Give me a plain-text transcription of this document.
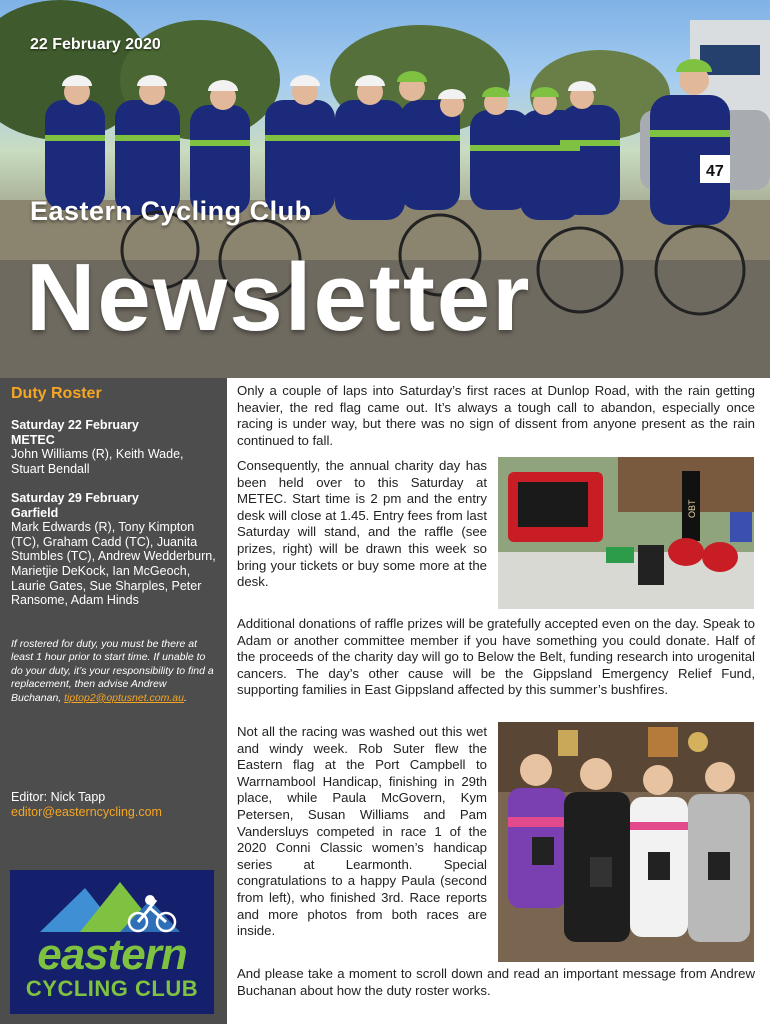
47
22 February 2020
Eastern Cycling Club
Newsletter
Duty Roster
Saturday 22 February
METEC
John Williams (R), Keith Wade, Stuart Bendall
Saturday 29 February
Garfield
Mark Edwards (R), Tony Kimpton (TC), Graham Cadd (TC), Juanita Stumbles (TC), Andrew Wedderburn, Marietjie DeKock, Ian McGeoch, Laurie Gates, Sue Sharples, Peter Ransome, Adam Hinds
If rostered for duty, you must be there at least 1 hour prior to start time. If unable to do your duty, it’s your responsibility to find a replacement, then advise Andrew Buchanan, tiptop2@optusnet.com.au.
Editor: Nick Tapp
editor@easterncycling.com
eastern
CYCLING CLUB
Only a couple of laps into Saturday’s first races at Dunlop Road, with the rain getting heavier, the red flag came out. It’s always a tough call to abandon, especially once racing is under way, but there was no sign of dissent from anyone present as the rain continued to fall.
Consequently, the annual charity day has been held over to this Saturday at METEC. Start time is 2 pm and the entry desk will close at 1.45. Entry fees from last Saturday will stand, and the raffle (see prizes, right) will be drawn this week so bring your tickets or buy some more at the desk.
OBT
Additional donations of raffle prizes will be gratefully accepted even on the day. Speak to Adam or another committee member if you have something you could donate. Half of the proceeds of the charity day will go to Below the Belt, funding research into urogenital cancers. The day’s other cause will be the Gippsland Emergency Relief Fund, supporting families in East Gippsland affected by this summer’s bushfires.
Not all the racing was washed out this wet and windy week. Rob Suter flew the Eastern flag at the Port Campbell to Warrnambool Handicap, finishing in 29th place, while Paula McGovern, Kym Petersen, Susan Williams and Pam Vandersluys competed in race 1 of the 2020 Conni Classic women’s handicap series at Learmonth. Special congratulations to a happy Paula (second from left), who finished 3rd. Race reports and more photos from both races are inside.
And please take a moment to scroll down and read an important message from Andrew Buchanan about how the duty roster works.
